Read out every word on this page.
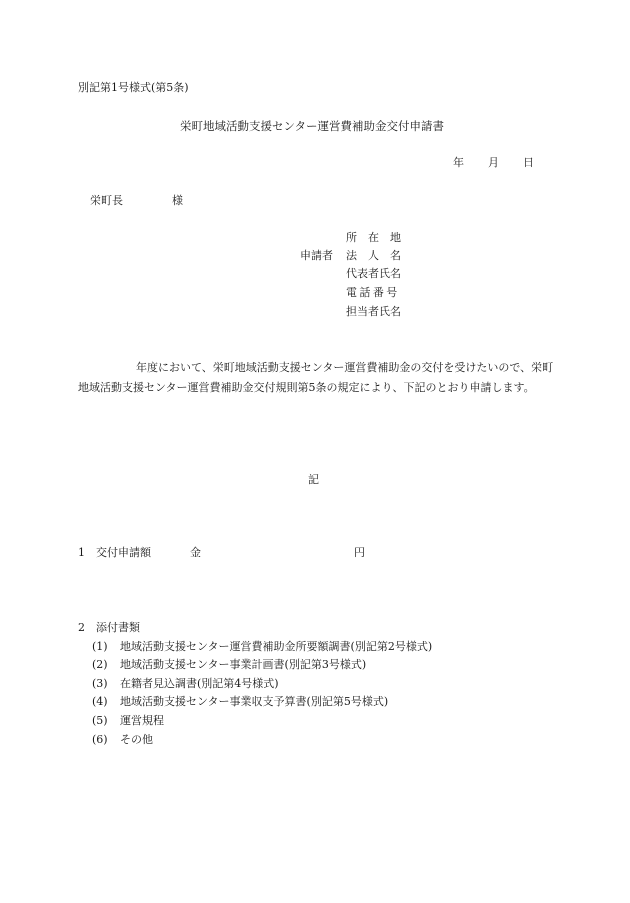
別記第1号様式(第5条)
栄町地域活動支援センター運営費補助金交付申請書
年 月 日
栄町長	様
申請者
所　在　地
法　人　名
代表者氏名
電話番号
担当者氏名
年度において、栄町地域活動支援センター運営費補助金の交付を受けたいので、栄町地域活動支援センター運営費補助金交付規則第5条の規定により、下記のとおり申請します。
記
1 交付申請額	金	円
2 添付書類
(1) 地域活動支援センター運営費補助金所要額調書(別記第2号様式)
(2) 地域活動支援センター事業計画書(別記第3号様式)
(3) 在籍者見込調書(別記第4号様式)
(4) 地域活動支援センター事業収支予算書(別記第5号様式)
(5) 運営規程
(6) その他
